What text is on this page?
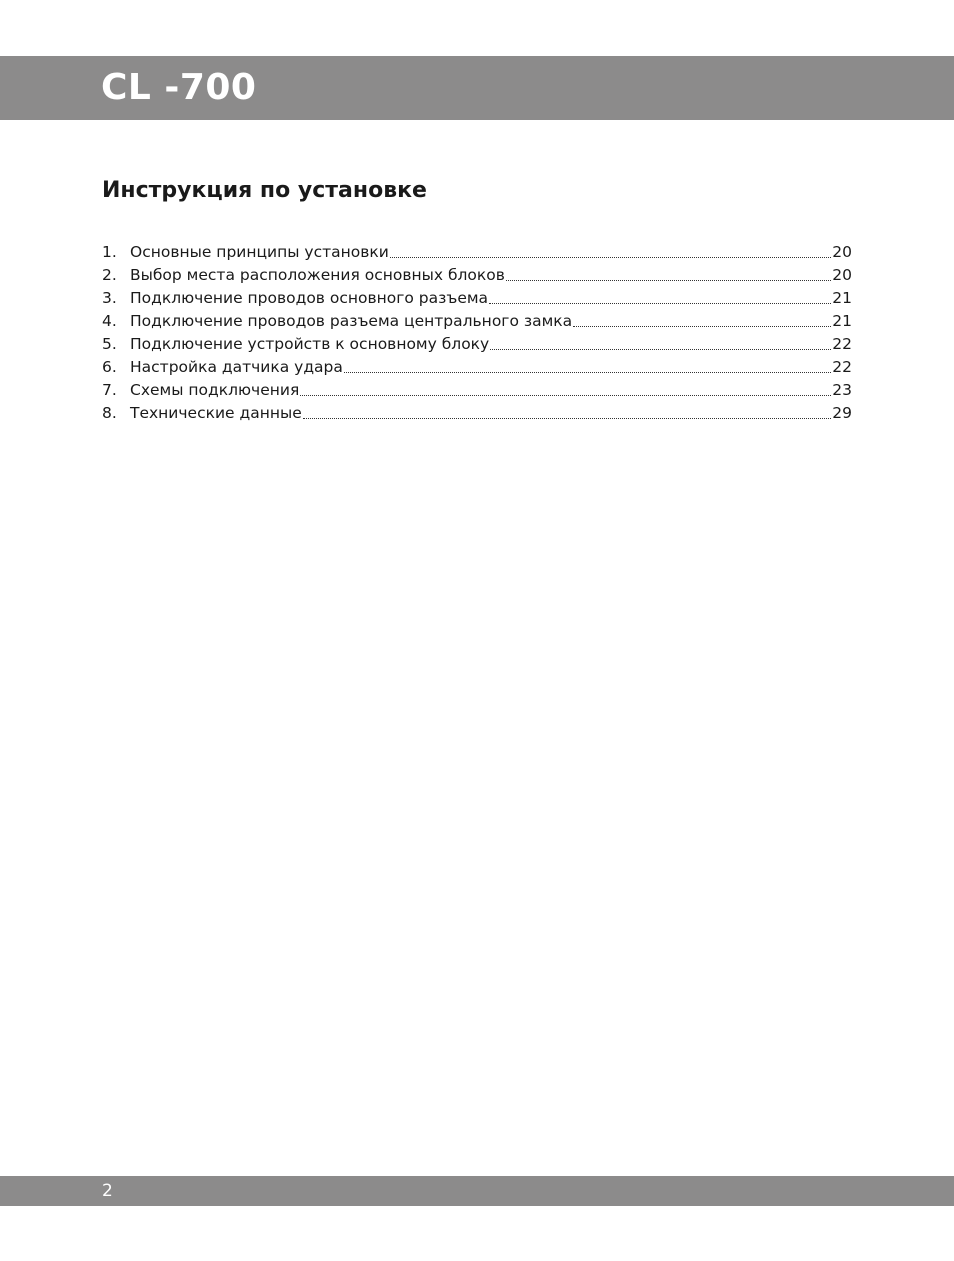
CL -700
Инструкция по установке
1. Основные принципы установки	20
2. Выбор места расположения основных блоков	20
3. Подключение проводов основного разъема	21
4. Подключение проводов разъема центрального замка	21
5. Подключение устройств к основному блоку	22
6. Настройка датчика удара	22
7. Схемы подключения	23
8. Технические данные	29
2
